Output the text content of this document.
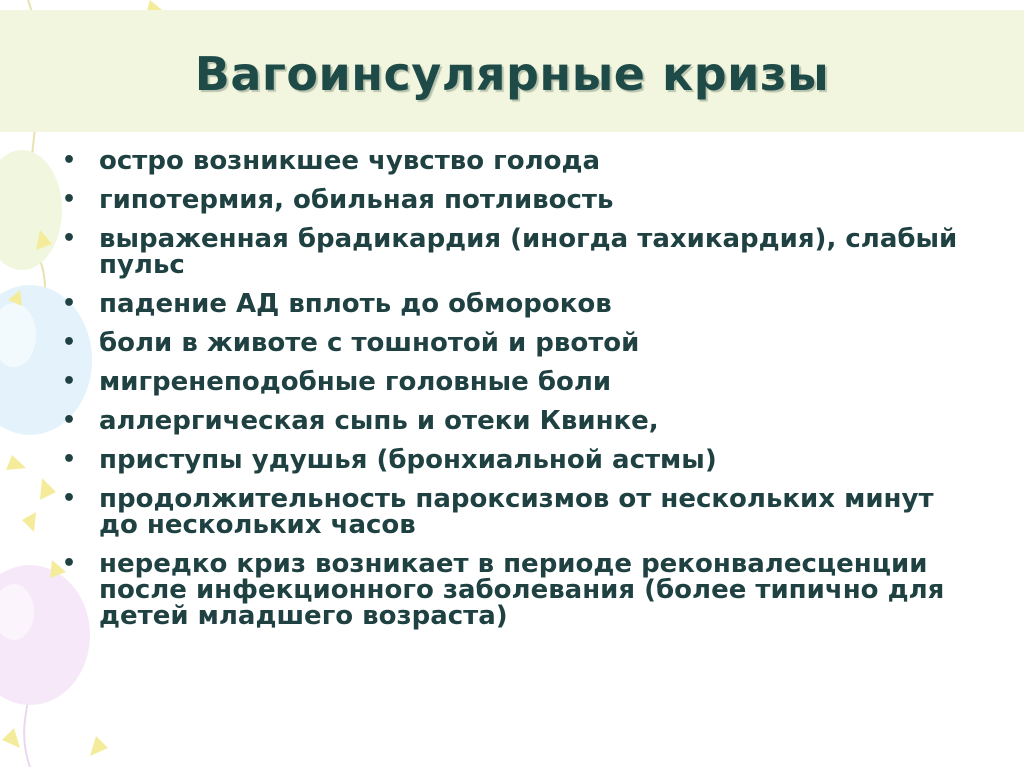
Вагоинсулярные кризы
• остро возникшее чувство голода
• гипотермия, обильная потливость
• выраженная брадикардия (иногда тахикардия), слабый пульс
• падение АД вплоть до обмороков
• боли в животе с тошнотой и рвотой
• мигренеподобные головные боли
• аллергическая сыпь и отеки Квинке,
• приступы удушья (бронхиальной астмы)
• продолжительность пароксизмов от нескольких минут до нескольких часов
• нередко криз возникает в периоде реконвалесценции после инфекционного заболевания (более типично для детей младшего возраста)
